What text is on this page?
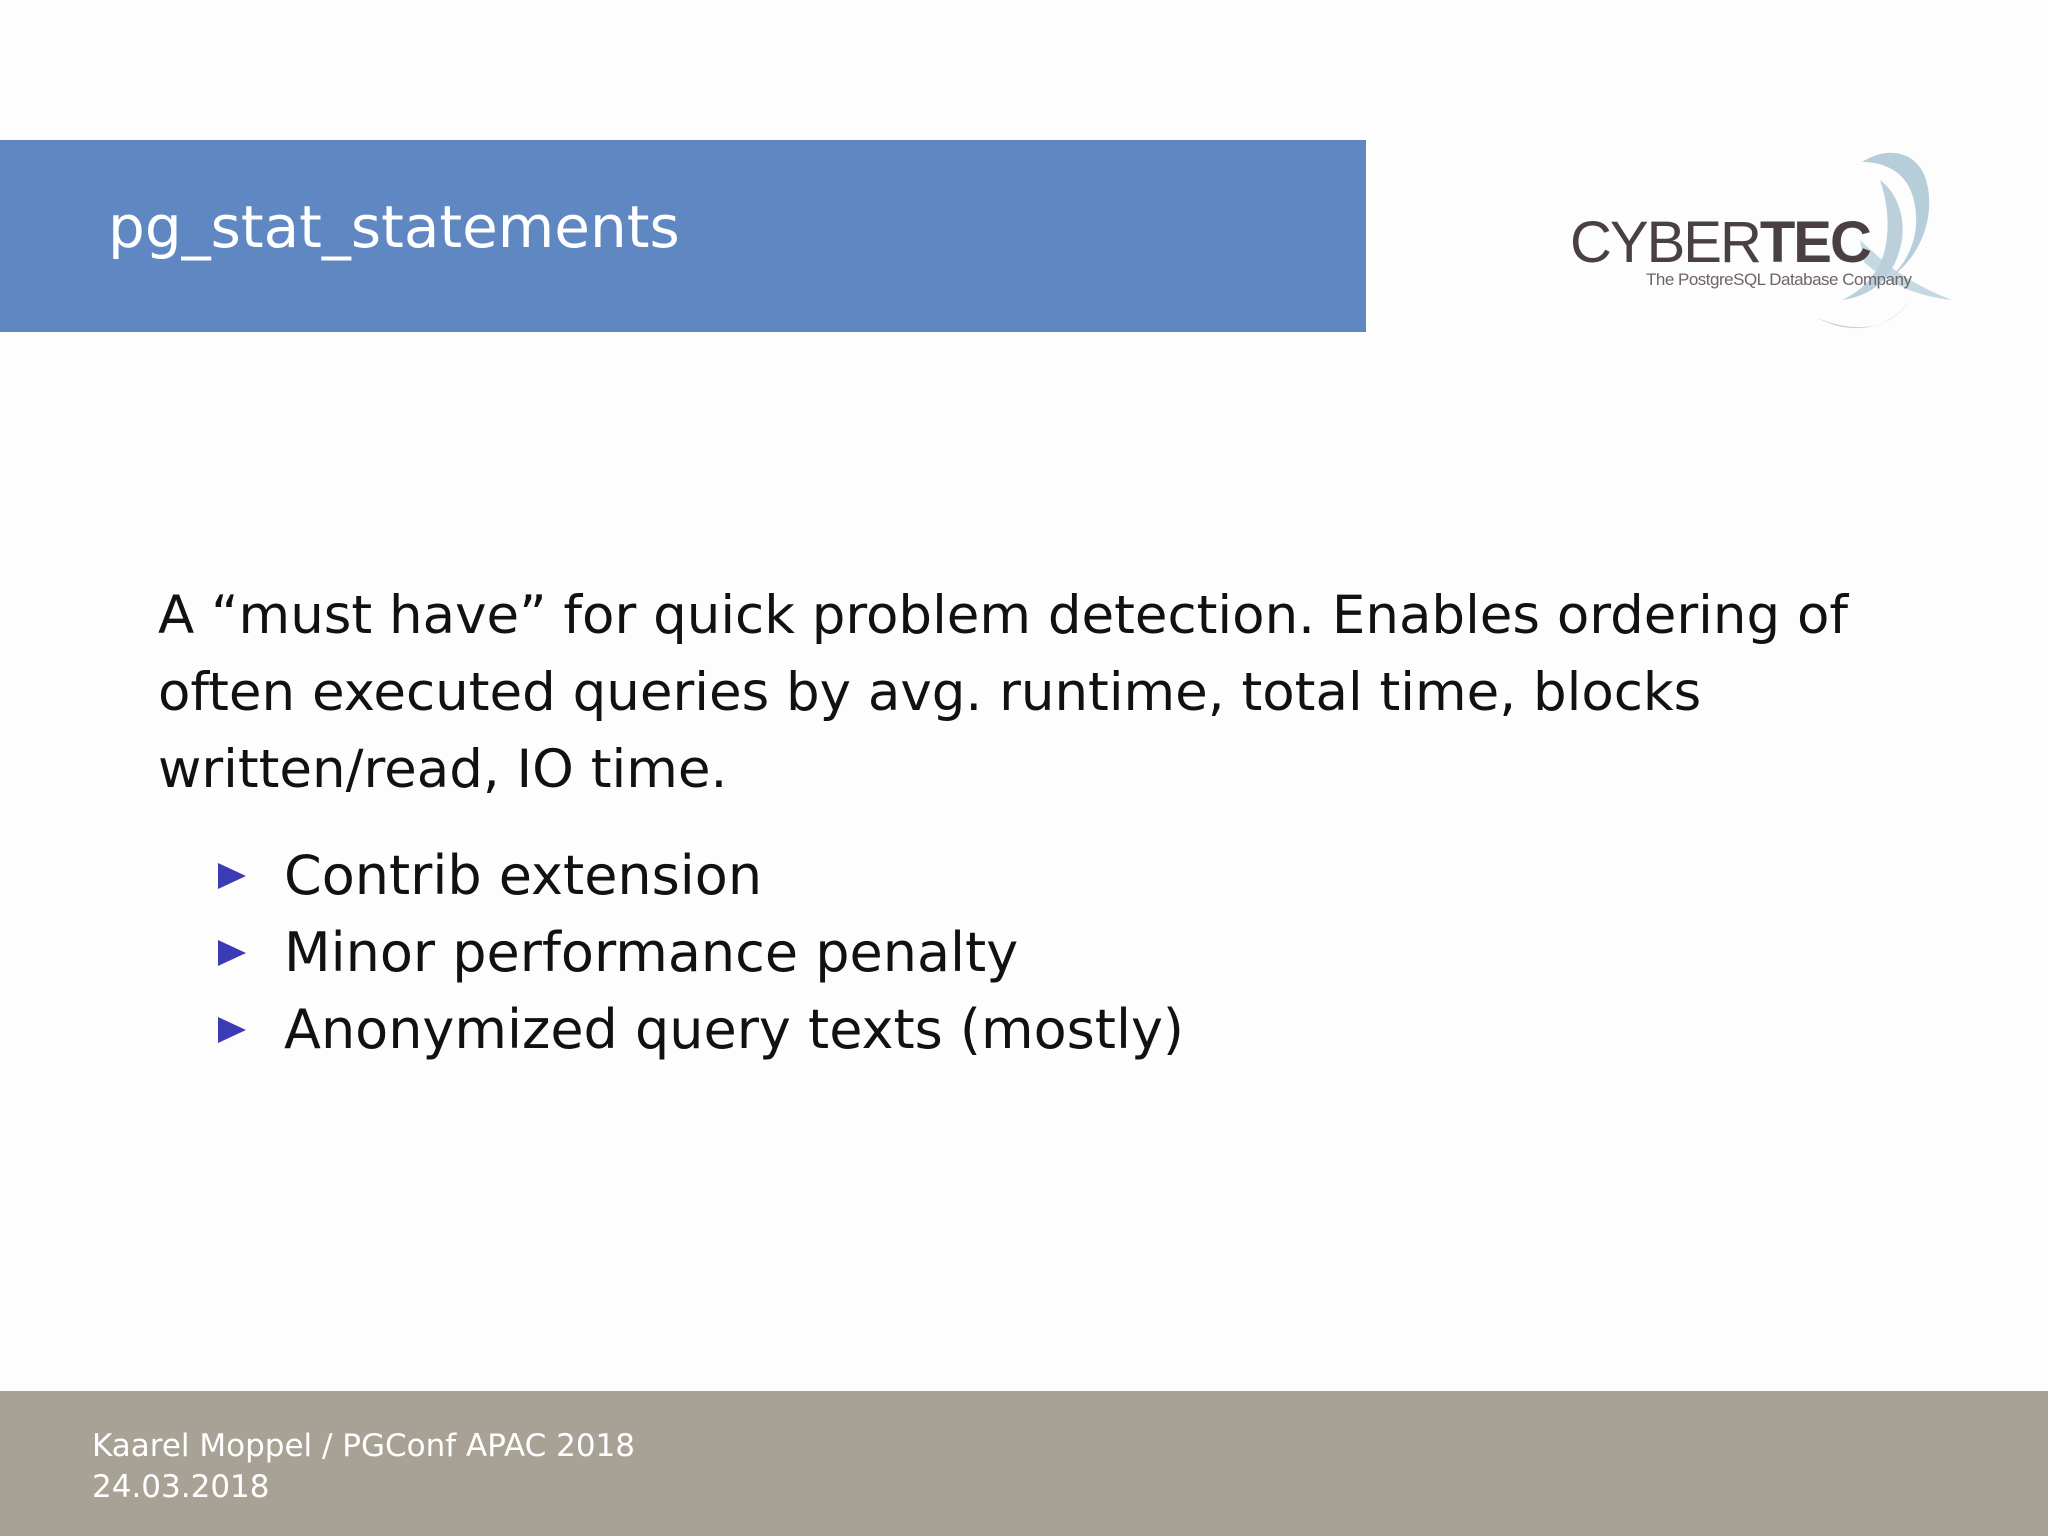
pg_stat_statements	CYBERTEC
The PostgreSQL Database Company

A “must have” for quick problem detection. Enables ordering of often executed queries by avg. runtime, total time, blocks written/read, IO time.

Contrib extension
Minor performance penalty
Anonymized query texts (mostly)
Kaarel Moppel / PGConf APAC 2018
24.03.2018
